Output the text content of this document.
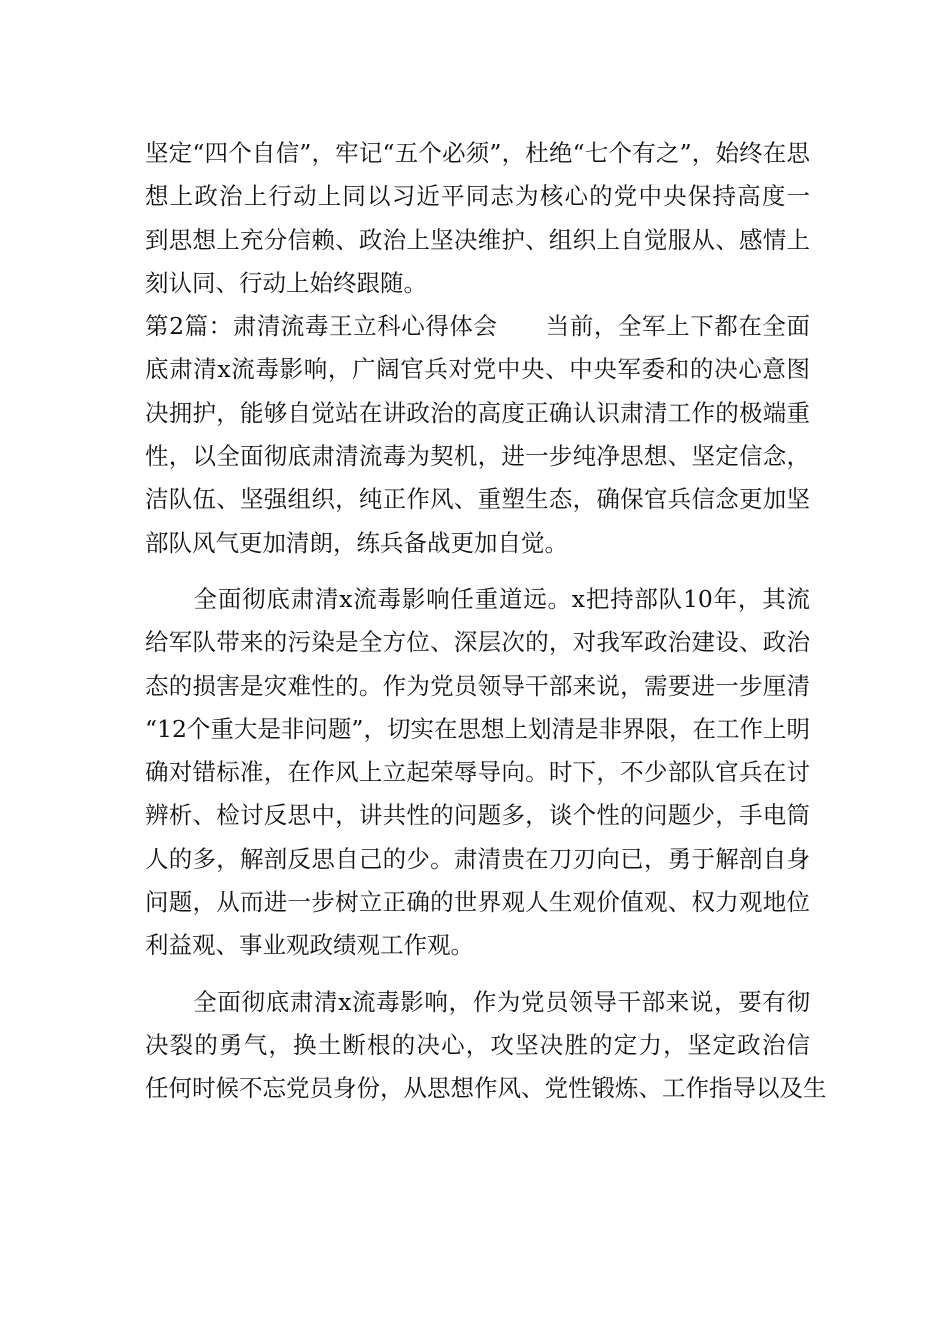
坚定“四个自信”，牢记“五个必须”，杜绝“七个有之”，始终在思
想上政治上行动上同以习近平同志为核心的党中央保持高度一
到思想上充分信赖、政治上坚决维护、组织上自觉服从、感情上
刻认同、行动上始终跟随。
第2篇：肃清流毒王立科心得体会　　当前，全军上下都在全面
底肃清x流毒影响，广阔官兵对党中央、中央军委和的决心意图
决拥护，能够自觉站在讲政治的高度正确认识肃清工作的极端重
性，以全面彻底肃清流毒为契机，进一步纯净思想、坚定信念，
洁队伍、坚强组织，纯正作风、重塑生态，确保官兵信念更加坚
部队风气更加清朗，练兵备战更加自觉。
　　全面彻底肃清x流毒影响任重道远。x把持部队10年，其流
给军队带来的污染是全方位、深层次的，对我军政治建设、政治
态的损害是灾难性的。作为党员领导干部来说，需要进一步厘清
“12个重大是非问题”，切实在思想上划清是非界限，在工作上明
确对错标准，在作风上立起荣辱导向。时下，不少部队官兵在讨
辨析、检讨反思中，讲共性的问题多，谈个性的问题少，手电筒
人的多，解剖反思自己的少。肃清贵在刀刃向已，勇于解剖自身
问题，从而进一步树立正确的世界观人生观价值观、权力观地位
利益观、事业观政绩观工作观。
　　全面彻底肃清x流毒影响，作为党员领导干部来说，要有彻
决裂的勇气，换土断根的决心，攻坚决胜的定力，坚定政治信
任何时候不忘党员身份，从思想作风、党性锻炼、工作指导以及生
